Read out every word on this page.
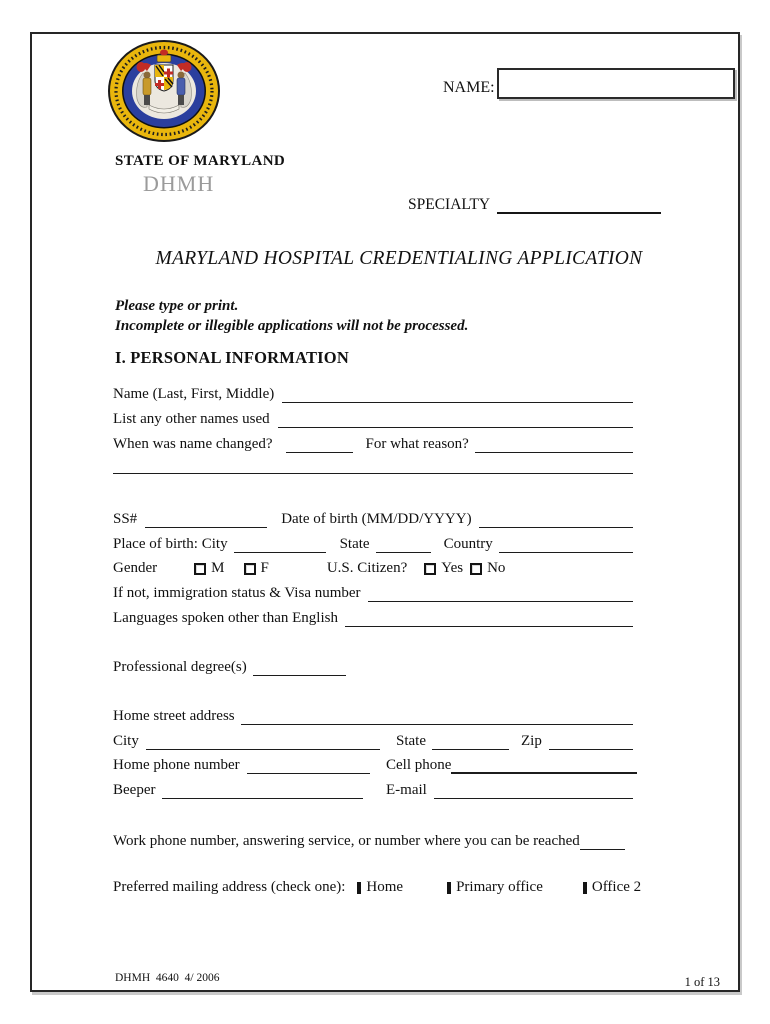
STATE OF MARYLAND
DHMH
NAME:
SPECIALTY
MARYLAND HOSPITAL CREDENTIALING APPLICATION
Please type or print.
Incomplete or illegible applications will not be processed.
I. PERSONAL INFORMATION
Name (Last, First, Middle)
List any other names used
When was name changed?	For what reason?
SS#	Date of birth (MM/DD/YYYY)
Place of birth: City	State	Country
Gender	M F	U.S. Citizen? Yes No
If not, immigration status & Visa number
Languages spoken other than English
Professional degree(s)
Home street address
City	State	Zip
Home phone number	Cell phone
Beeper	E-mail
Work phone number, answering service, or number where you can be reached
Preferred mailing address (check one): Home	Primary office	Office 2
DHMH  4640  4/ 2006	1 of 13
